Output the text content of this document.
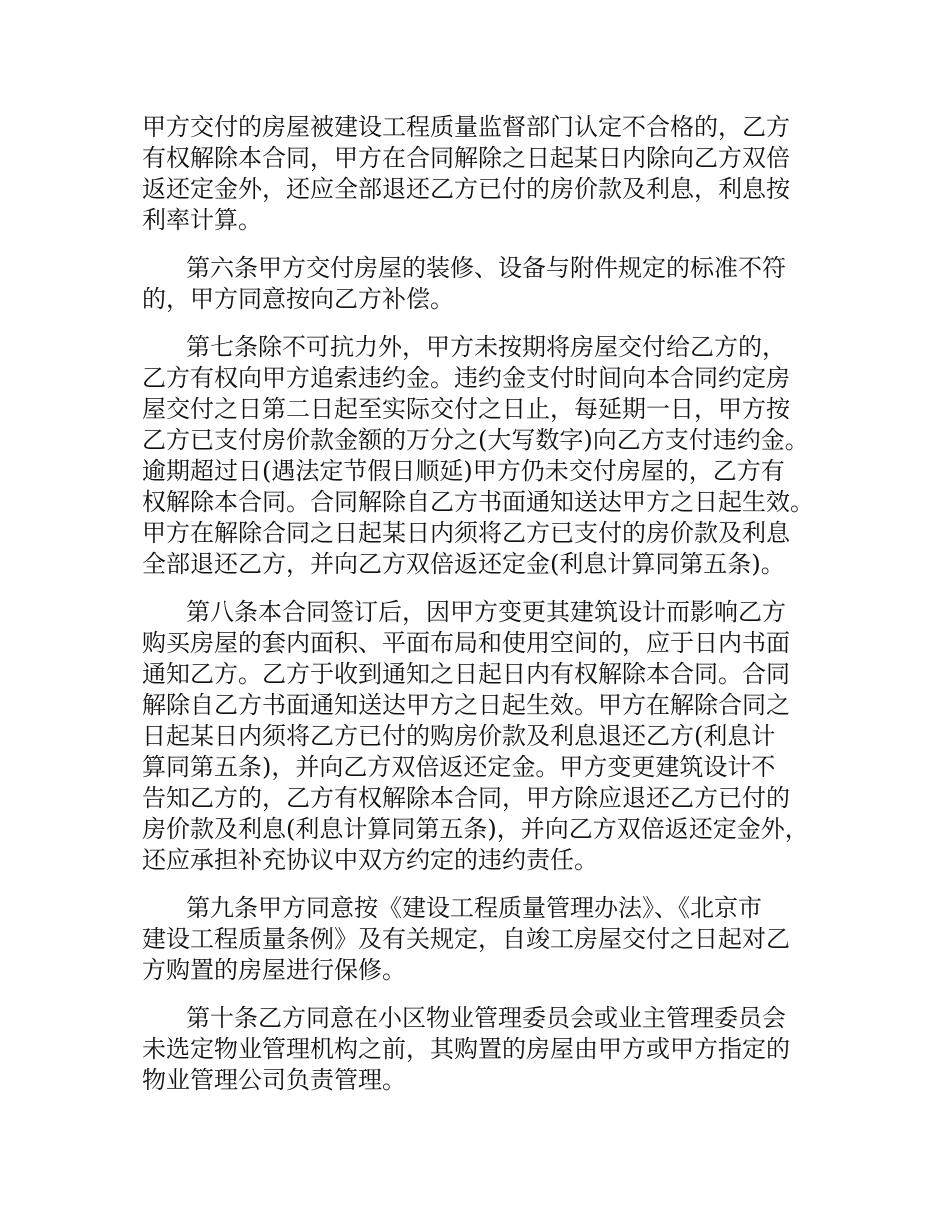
甲方交付的房屋被建设工程质量监督部门认定不合格的，乙方
有权解除本合同，甲方在合同解除之日起某日内除向乙方双倍
返还定金外，还应全部退还乙方已付的房价款及利息，利息按
利率计算。
第六条甲方交付房屋的装修、设备与附件规定的标准不符
的，甲方同意按向乙方补偿。
第七条除不可抗力外，甲方未按期将房屋交付给乙方的，
乙方有权向甲方追索违约金。违约金支付时间向本合同约定房
屋交付之日第二日起至实际交付之日止，每延期一日，甲方按
乙方已支付房价款金额的万分之(大写数字)向乙方支付违约金。
逾期超过日(遇法定节假日顺延)甲方仍未交付房屋的，乙方有
权解除本合同。合同解除自乙方书面通知送达甲方之日起生效。
甲方在解除合同之日起某日内须将乙方已支付的房价款及利息
全部退还乙方，并向乙方双倍返还定金(利息计算同第五条)。
第八条本合同签订后，因甲方变更其建筑设计而影响乙方
购买房屋的套内面积、平面布局和使用空间的，应于日内书面
通知乙方。乙方于收到通知之日起日内有权解除本合同。合同
解除自乙方书面通知送达甲方之日起生效。甲方在解除合同之
日起某日内须将乙方已付的购房价款及利息退还乙方(利息计
算同第五条)，并向乙方双倍返还定金。甲方变更建筑设计不
告知乙方的，乙方有权解除本合同，甲方除应退还乙方已付的
房价款及利息(利息计算同第五条)，并向乙方双倍返还定金外，
还应承担补充协议中双方约定的违约责任。
第九条甲方同意按《建设工程质量管理办法》、《北京市
建设工程质量条例》及有关规定，自竣工房屋交付之日起对乙
方购置的房屋进行保修。
第十条乙方同意在小区物业管理委员会或业主管理委员会
未选定物业管理机构之前，其购置的房屋由甲方或甲方指定的
物业管理公司负责管理。
